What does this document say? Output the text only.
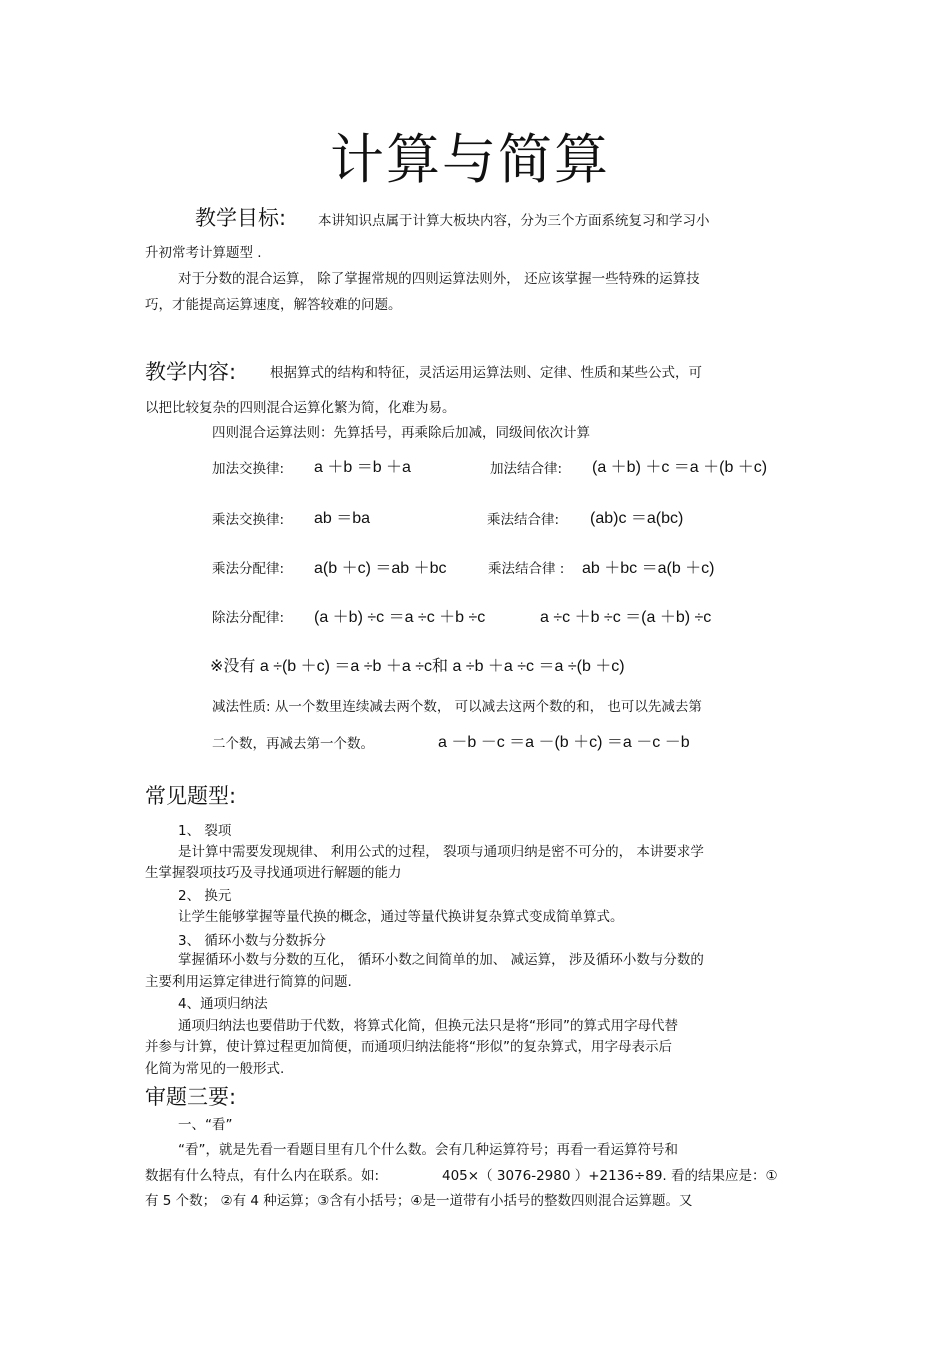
计算与简算
教学目标: 本讲知识点属于计算大板块内容，分为三个方面系统复习和学习小
升初常考计算题型 .
对于分数的混合运算， 除了掌握常规的四则运算法则外， 还应该掌握一些特殊的运算技
巧，才能提高运算速度，解答较难的问题。
教学内容:	根据算式的结构和特征，灵活运用运算法则、定律、性质和某些公式，可
以把比较复杂的四则混合运算化繁为简，化难为易。
四则混合运算法则：先算括号，再乘除后加减，同级间依次计算
加法交换律: a ＋b ＝b ＋a	加法结合律: (a ＋b) ＋c ＝a ＋(b ＋c)
乘法交换律: ab ＝ba	乘法结合律: (ab)c ＝a(bc)
乘法分配律: a(b ＋c) ＝ab ＋bc	乘法结合律 : ab ＋bc ＝a(b ＋c)
除法分配律: (a ＋b) ÷c ＝a ÷c ＋b ÷c	a ÷c ＋b ÷c ＝(a ＋b) ÷c
※没有 a ÷(b ＋c) ＝a ÷b ＋a ÷c和 a ÷b ＋a ÷c ＝a ÷(b ＋c)
减法性质: 从一个数里连续减去两个数， 可以减去这两个数的和， 也可以先减去第
二个数，再减去第一个数。	a －b －c ＝a －(b ＋c) ＝a －c －b
常见题型:
1、 裂项
是计算中需要发现规律、 利用公式的过程， 裂项与通项归纳是密不可分的， 本讲要求学
生掌握裂项技巧及寻找通项进行解题的能力
2、 换元
让学生能够掌握等量代换的概念，通过等量代换讲复杂算式变成简单算式。
3、 循环小数与分数拆分
掌握循环小数与分数的互化， 循环小数之间简单的加、 减运算， 涉及循环小数与分数的
主要利用运算定律进行简算的问题.
4、通项归纳法
通项归纳法也要借助于代数，将算式化简，但换元法只是将“形同”的算式用字母代替
并参与计算，使计算过程更加简便，而通项归纳法能将“形似”的复杂算式，用字母表示后
化简为常见的一般形式.
审题三要:
一、“看”
“看”，就是先看一看题目里有几个什么数。会有几种运算符号；再看一看运算符号和
数据有什么特点，有什么内在联系。如:	405×（ 3076-2980 ）+2136÷89. 看的结果应是：①
有 5 个数； ②有 4 种运算；③含有小括号；④是一道带有小括号的整数四则混合运算题。又
